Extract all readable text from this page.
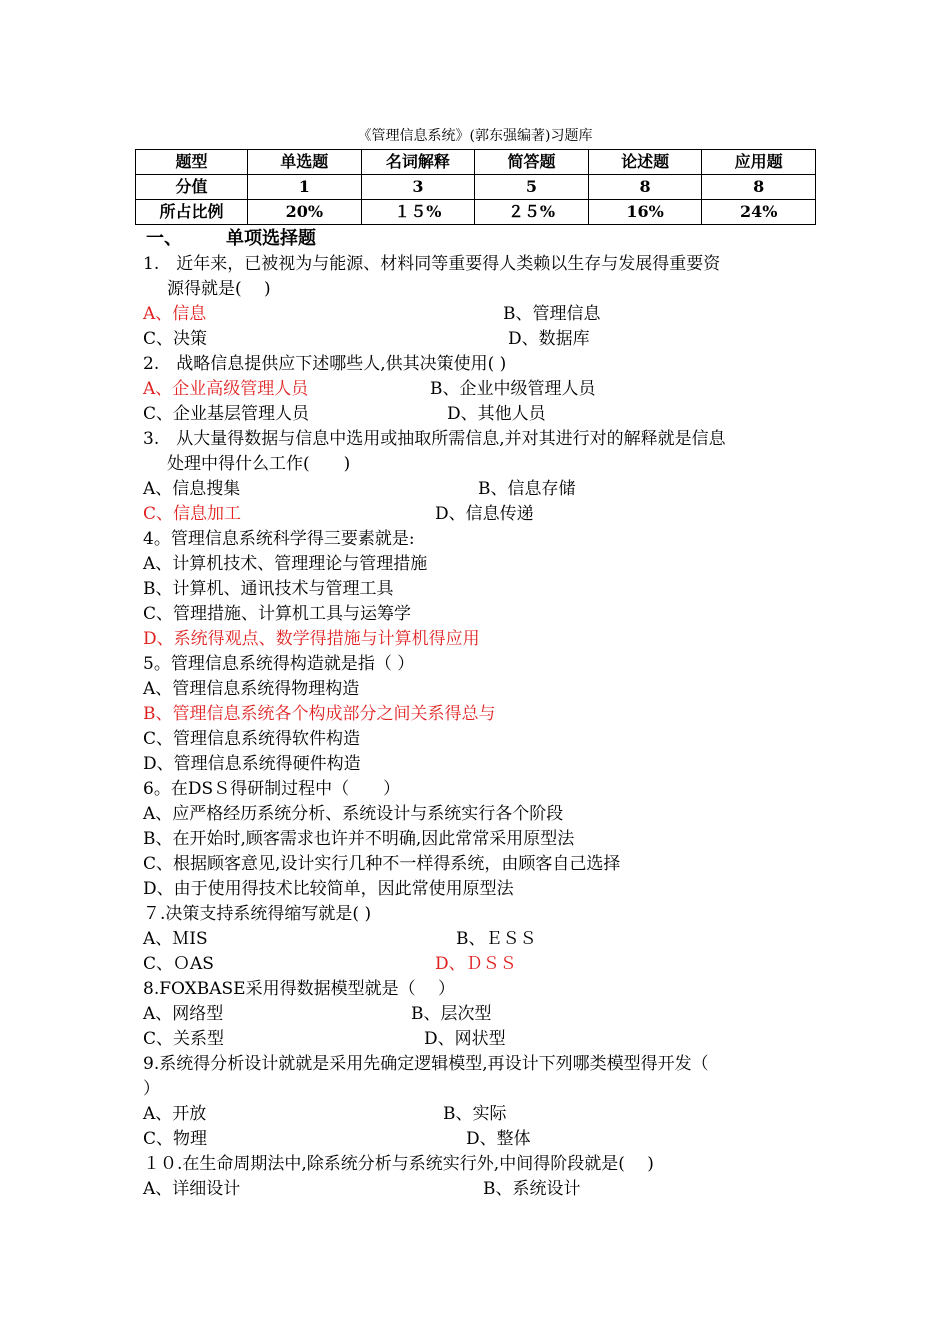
《管理信息系统》(郭东强编著)习题库
题型	单选题	名词解释	简答题	论述题	应用题
分值	1	3	5	8	8
所占比例	20%	１５%	２５%	16%	24%
一、 单项选择题
1.　近年来，已被视为与能源、材料同等重要得人类赖以生存与发展得重要资
源得就是(　 )
A、信息	B、管理信息
C、决策	D、数据库
2.　战略信息提供应下述哪些人,供其决策使用( )
A、企业高级管理人员	B、企业中级管理人员
C、企业基层管理人员	D、其他人员
3.　从大量得数据与信息中选用或抽取所需信息,并对其进行对的解释就是信息
处理中得什么工作(　　)
A、信息搜集	B、信息存储
C、信息加工	D、信息传递
4。管理信息系统科学得三要素就是:
A、计算机技术、管理理论与管理措施
B、计算机、通讯技术与管理工具
C、管理措施、计算机工具与运筹学
D、系统得观点、数学得措施与计算机得应用
5。管理信息系统得构造就是指（ ）
A、管理信息系统得物理构造
B、管理信息系统各个构成部分之间关系得总与
C、管理信息系统得软件构造
D、管理信息系统得硬件构造
6。在DSＳ得研制过程中（　　）
A、应严格经历系统分析、系统设计与系统实行各个阶段
B、在开始时,顾客需求也许并不明确,因此常常采用原型法
C、根据顾客意见,设计实行几种不一样得系统，由顾客自己选择
D、由于使用得技术比较简单，因此常使用原型法
７.决策支持系统得缩写就是( )
A、ＭIS	B、ＥＳＳ
C、ＯAS	D、ＤＳＳ
8.FOXBASE采用得数据模型就是（　 ）
A、网络型	B、层次型
C、关系型	D、网状型
9.系统得分析设计就就是采用先确定逻辑模型,再设计下列哪类模型得开发（
）
A、开放	B、实际
C、物理	D、整体
１０.在生命周期法中,除系统分析与系统实行外,中间得阶段就是(　 )
A、详细设计	B、系统设计
